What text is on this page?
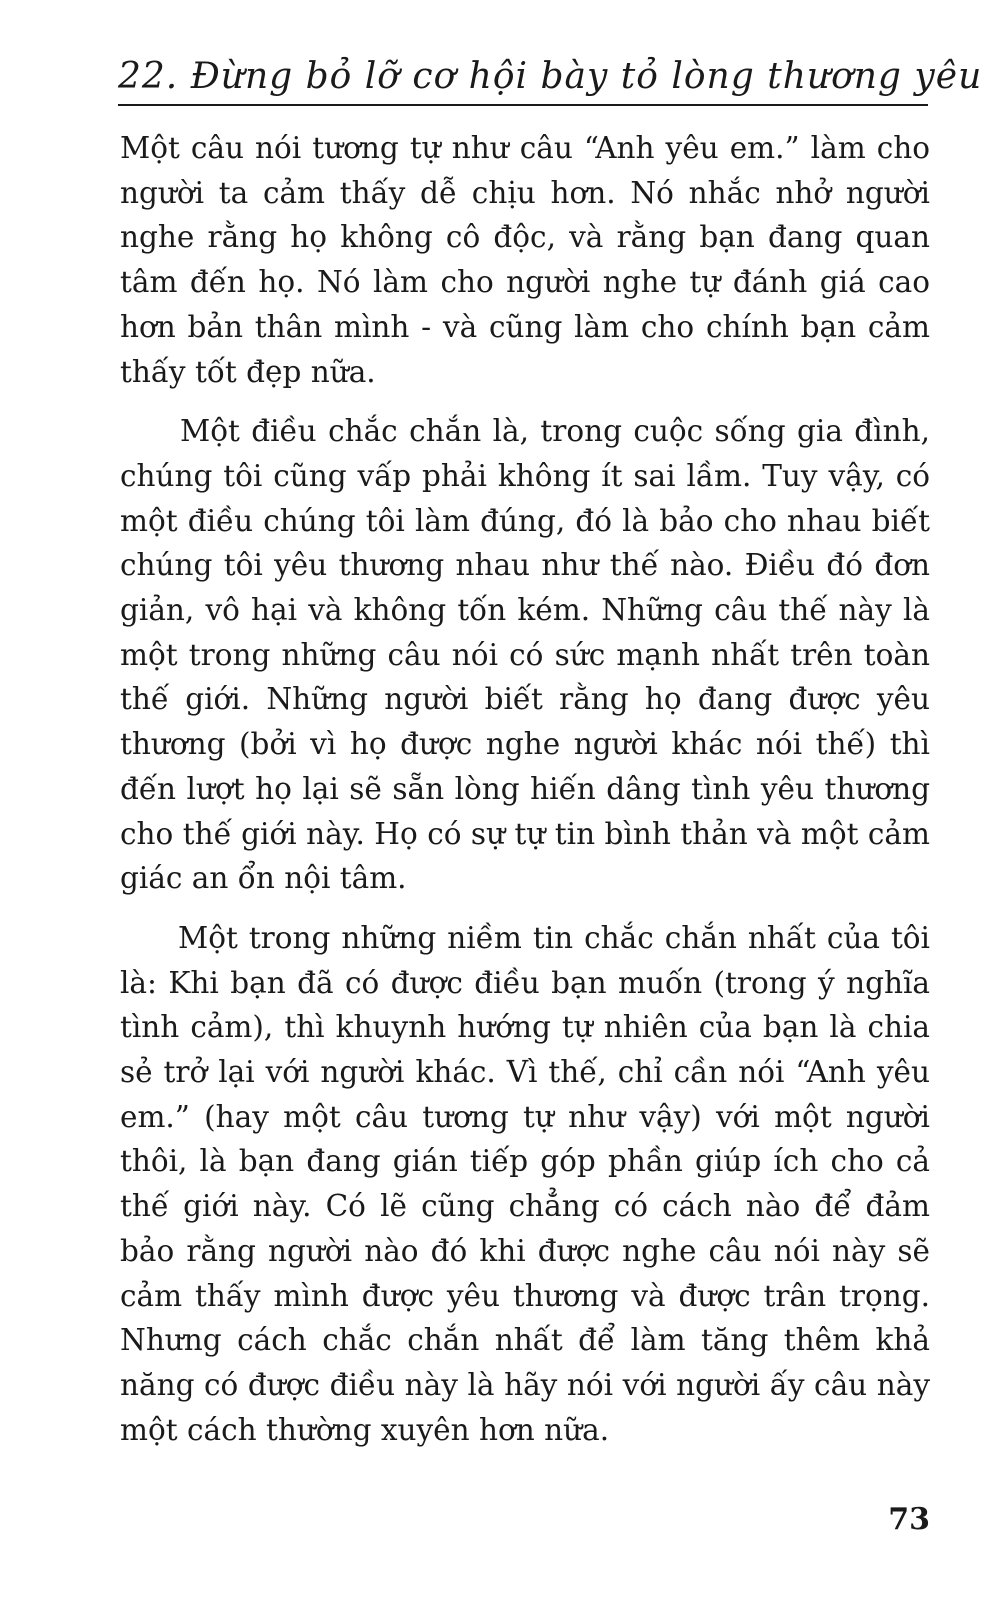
22. Đừng bỏ lỡ cơ hội bày tỏ lòng thương yêu

Một câu nói tương tự như câu “Anh yêu em.” làm cho người ta cảm thấy dễ chịu hơn. Nó nhắc nhở người nghe rằng họ không cô độc, và rằng bạn đang quan tâm đến họ. Nó làm cho người nghe tự đánh giá cao hơn bản thân mình - và cũng làm cho chính bạn cảm thấy tốt đẹp nữa.

Một điều chắc chắn là, trong cuộc sống gia đình, chúng tôi cũng vấp phải không ít sai lầm. Tuy vậy, có một điều chúng tôi làm đúng, đó là bảo cho nhau biết chúng tôi yêu thương nhau như thế nào. Điều đó đơn giản, vô hại và không tốn kém. Những câu thế này là một trong những câu nói có sức mạnh nhất trên toàn thế giới. Những người biết rằng họ đang được yêu thương (bởi vì họ được nghe người khác nói thế) thì đến lượt họ lại sẽ sẵn lòng hiến dâng tình yêu thương cho thế giới này. Họ có sự tự tin bình thản và một cảm giác an ổn nội tâm.

Một trong những niềm tin chắc chắn nhất của tôi là: Khi bạn đã có được điều bạn muốn (trong ý nghĩa tình cảm), thì khuynh hướng tự nhiên của bạn là chia sẻ trở lại với người khác. Vì thế, chỉ cần nói “Anh yêu em.” (hay một câu tương tự như vậy) với một người thôi, là bạn đang gián tiếp góp phần giúp ích cho cả thế giới này. Có lẽ cũng chẳng có cách nào để đảm bảo rằng người nào đó khi được nghe câu nói này sẽ cảm thấy mình được yêu thương và được trân trọng. Nhưng cách chắc chắn nhất để làm tăng thêm khả năng có được điều này là hãy nói với người ấy câu này một cách thường xuyên hơn nữa.

73
